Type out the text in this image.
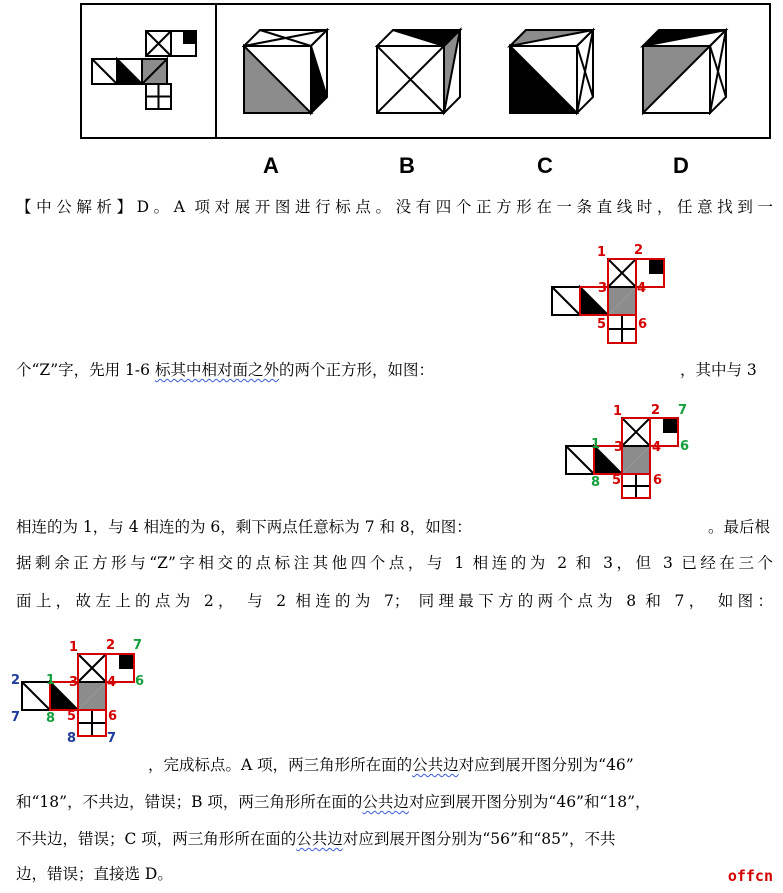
A	B	C	D
【中公解析】D。A 项对展开图进行标点。没有四个正方形在一条直线时，任意找到一
1 2
3 4
5 6
个“Z”字，先用 1-6 标其中相对面之外的两个正方形，如图：	，其中与 3
1 2
3 4
5 6
7
6
1
8
相连的为 1，与 4 相连的为 6，剩下两点任意标为 7 和 8，如图：	。最后根
据剩余正方形与“Z”字相交的点标注其他四个点，与 1 相连的为 2 和 3，但 3 已经在三个
面上，故左上的点为 2， 与 2 相连的为 7； 同理最下方的两个点为 8 和 7， 如图：
1 2
3 4
5 6
7
6
1
8
2
7
8 7
，完成标点。A 项，两三角形所在面的公共边对应到展开图分别为“46”
和“18”，不共边，错误；B 项，两三角形所在面的公共边对应到展开图分别为“46”和“18”，
不共边，错误；C 项，两三角形所在面的公共边对应到展开图分别为“56”和“85”，不共
边，错误；直接选 D。	offcn
